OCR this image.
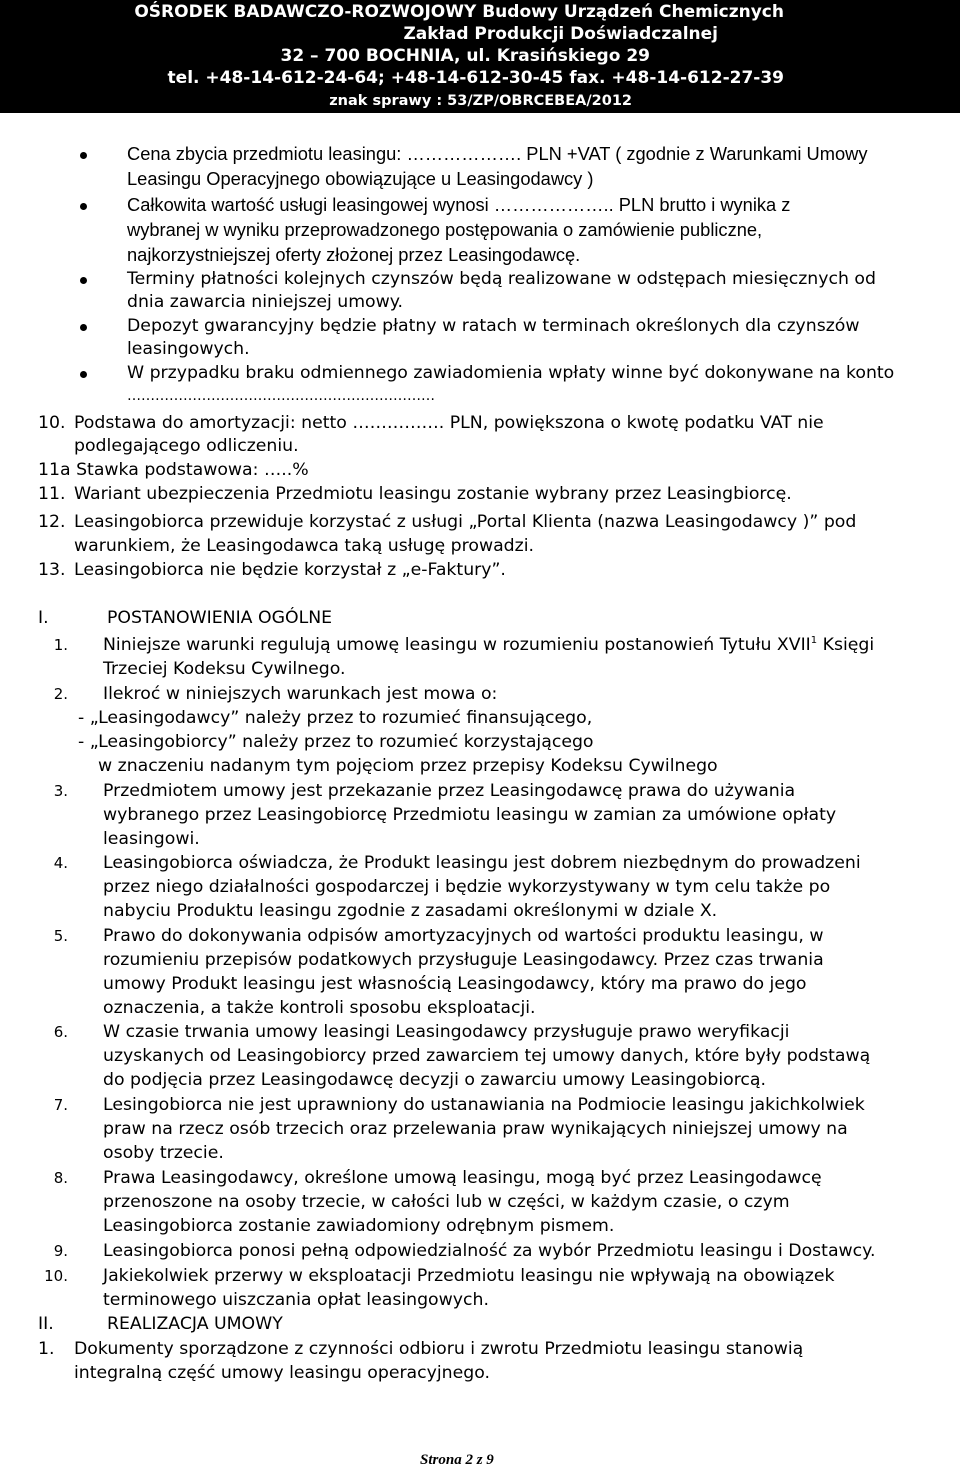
OŚRODEK BADAWCZO-ROZWOJOWY Budowy Urządzeń Chemicznych
Zakład Produkcji Doświadczalnej
32 – 700 BOCHNIA, ul. Krasińskiego 29
tel. +48-14-612-24-64; +48-14-612-30-45 fax. +48-14-612-27-39
znak sprawy : 53/ZP/OBRCEBEA/2012
Cena zbycia przedmiotu leasingu: ………………. PLN +VAT ( zgodnie z Warunkami Umowy
Leasingu Operacyjnego obowiązujące u Leasingodawcy )
Całkowita wartość usługi leasingowej wynosi ……………….. PLN brutto i wynika z
wybranej w wyniku przeprowadzonego postępowania o zamówienie publiczne,
najkorzystniejszej oferty złożonej przez Leasingodawcę.
Terminy płatności kolejnych czynszów będą realizowane w odstępach miesięcznych od
dnia zawarcia niniejszej umowy.
Depozyt gwarancyjny będzie płatny w ratach w terminach określonych dla czynszów
leasingowych.
W przypadku braku odmiennego zawiadomienia wpłaty winne być dokonywane na konto
…………………………………………………………
10. Podstawa do amortyzacji: netto ……………. PLN, powiększona o kwotę podatku VAT nie
podlegającego odliczeniu.
11a Stawka podstawowa: …..%
11. Wariant ubezpieczenia Przedmiotu leasingu zostanie wybrany przez Leasingbiorcę.
12. Leasingobiorca przewiduje korzystać z usługi „Portal Klienta (nazwa Leasingodawcy )” pod
warunkiem, że Leasingodawca taką usługę prowadzi.
13. Leasingobiorca nie będzie korzystał z „e-Faktury”.
I.	POSTANOWIENIA OGÓLNE
1. Niniejsze warunki regulują umowę leasingu w rozumieniu postanowień Tytułu XVII$^1$ Księgi
Trzeciej Kodeksu Cywilnego.
2. Ilekroć w niniejszych warunkach jest mowa o:
- „Leasingodawcy” należy przez to rozumieć finansującego,
- „Leasingobiorcy” należy przez to rozumieć korzystającego
w znaczeniu nadanym tym pojęciom przez przepisy Kodeksu Cywilnego
3. Przedmiotem umowy jest przekazanie przez Leasingodawcę prawa do używania
wybranego przez Leasingobiorcę Przedmiotu leasingu w zamian za umówione opłaty
leasingowi.
4. Leasingobiorca oświadcza, że Produkt leasingu jest dobrem niezbędnym do prowadzeni
przez niego działalności gospodarczej i będzie wykorzystywany w tym celu także po
nabyciu Produktu leasingu zgodnie z zasadami określonymi w dziale X.
5. Prawo do dokonywania odpisów amortyzacyjnych od wartości produktu leasingu, w
rozumieniu przepisów podatkowych przysługuje Leasingodawcy. Przez czas trwania
umowy Produkt leasingu jest własnością Leasingodawcy, który ma prawo do jego
oznaczenia, a także kontroli sposobu eksploatacji.
6. W czasie trwania umowy leasingi Leasingodawcy przysługuje prawo weryfikacji
uzyskanych od Leasingobiorcy przed zawarciem tej umowy danych, które były podstawą
do podjęcia przez Leasingodawcę decyzji o zawarciu umowy Leasingobiorcą.
7. Lesingobiorca nie jest uprawniony do ustanawiania na Podmiocie leasingu jakichkolwiek
praw na rzecz osób trzecich oraz przelewania praw wynikających niniejszej umowy na
osoby trzecie.
8. Prawa Leasingodawcy, określone umową leasingu, mogą być przez Leasingodawcę
przenoszone na osoby trzecie, w całości lub w części, w każdym czasie, o czym
Leasingobiorca zostanie zawiadomiony odrębnym pismem.
9. Leasingobiorca ponosi pełną odpowiedzialność za wybór Przedmiotu leasingu i Dostawcy.
10. Jakiekolwiek przerwy w eksploatacji Przedmiotu leasingu nie wpływają na obowiązek
terminowego uiszczania opłat leasingowych.
II.	REALIZACJA UMOWY
1. Dokumenty sporządzone z czynności odbioru i zwrotu Przedmiotu leasingu stanowią
integralną część umowy leasingu operacyjnego.
Strona 2 z 9
